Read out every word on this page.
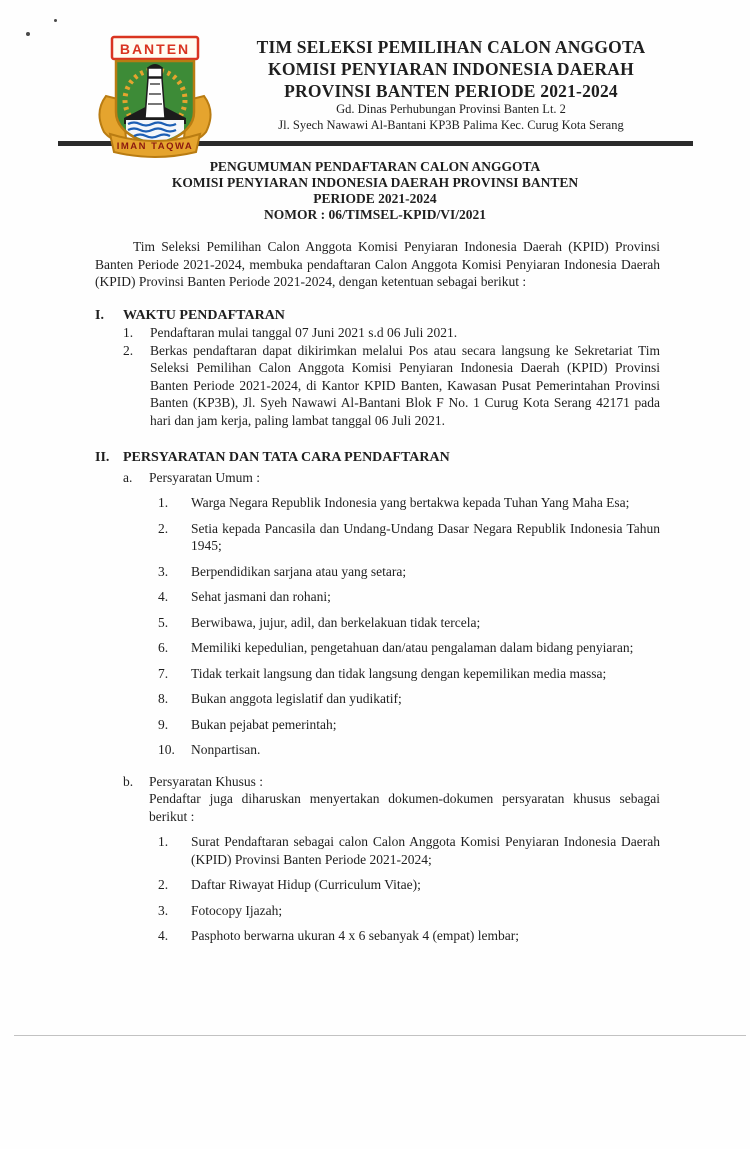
BANTEN
IMAN TAQWA
TIM SELEKSI PEMILIHAN CALON ANGGOTA
KOMISI PENYIARAN INDONESIA DAERAH
PROVINSI BANTEN PERIODE 2021-2024
Gd. Dinas Perhubungan Provinsi Banten Lt. 2
Jl. Syech Nawawi Al-Bantani KP3B Palima Kec. Curug Kota Serang
PENGUMUMAN PENDAFTARAN CALON ANGGOTA
KOMISI PENYIARAN INDONESIA DAERAH PROVINSI BANTEN
PERIODE 2021-2024
NOMOR : 06/TIMSEL-KPID/VI/2021

Tim Seleksi Pemilihan Calon Anggota Komisi Penyiaran Indonesia Daerah (KPID) Provinsi Banten Periode 2021-2024, membuka pendaftaran Calon Anggota Komisi Penyiaran Indonesia Daerah (KPID) Provinsi Banten Periode 2021-2024, dengan ketentuan sebagai berikut :

I.	WAKTU PENDAFTARAN
1.	Pendaftaran mulai tanggal 07 Juni 2021 s.d 06 Juli 2021.
2.	Berkas pendaftaran dapat dikirimkan melalui Pos atau secara langsung ke Sekretariat Tim Seleksi Pemilihan Calon Anggota Komisi Penyiaran Indonesia Daerah (KPID) Provinsi Banten Periode 2021-2024, di Kantor KPID Banten, Kawasan Pusat Pemerintahan Provinsi Banten (KP3B), Jl. Syeh Nawawi Al-Bantani Blok F No. 1 Curug Kota Serang 42171 pada hari dan jam kerja, paling lambat tanggal 06 Juli 2021.
II. PERSYARATAN DAN TATA CARA PENDAFTARAN
a.	Persyaratan Umum :
1.	Warga Negara Republik Indonesia yang bertakwa kepada Tuhan Yang Maha Esa;
2.	Setia kepada Pancasila dan Undang-Undang Dasar Negara Republik Indonesia Tahun 1945;
3.	Berpendidikan sarjana atau yang setara;
4.	Sehat jasmani dan rohani;
5.	Berwibawa, jujur, adil, dan berkelakuan tidak tercela;
6.	Memiliki kepedulian, pengetahuan dan/atau pengalaman dalam bidang penyiaran;
7.	Tidak terkait langsung dan tidak langsung dengan kepemilikan media massa;
8.	Bukan anggota legislatif dan yudikatif;
9.	Bukan pejabat pemerintah;
10.	Nonpartisan.
b.	Persyaratan Khusus :
Pendaftar juga diharuskan menyertakan dokumen-dokumen persyaratan khusus sebagai berikut :
1.	Surat Pendaftaran sebagai calon Calon Anggota Komisi Penyiaran Indonesia Daerah (KPID) Provinsi Banten Periode 2021-2024;
2.	Daftar Riwayat Hidup (Curriculum Vitae);
3.	Fotocopy Ijazah;
4.	Pasphoto berwarna ukuran 4 x 6 sebanyak 4 (empat) lembar;
